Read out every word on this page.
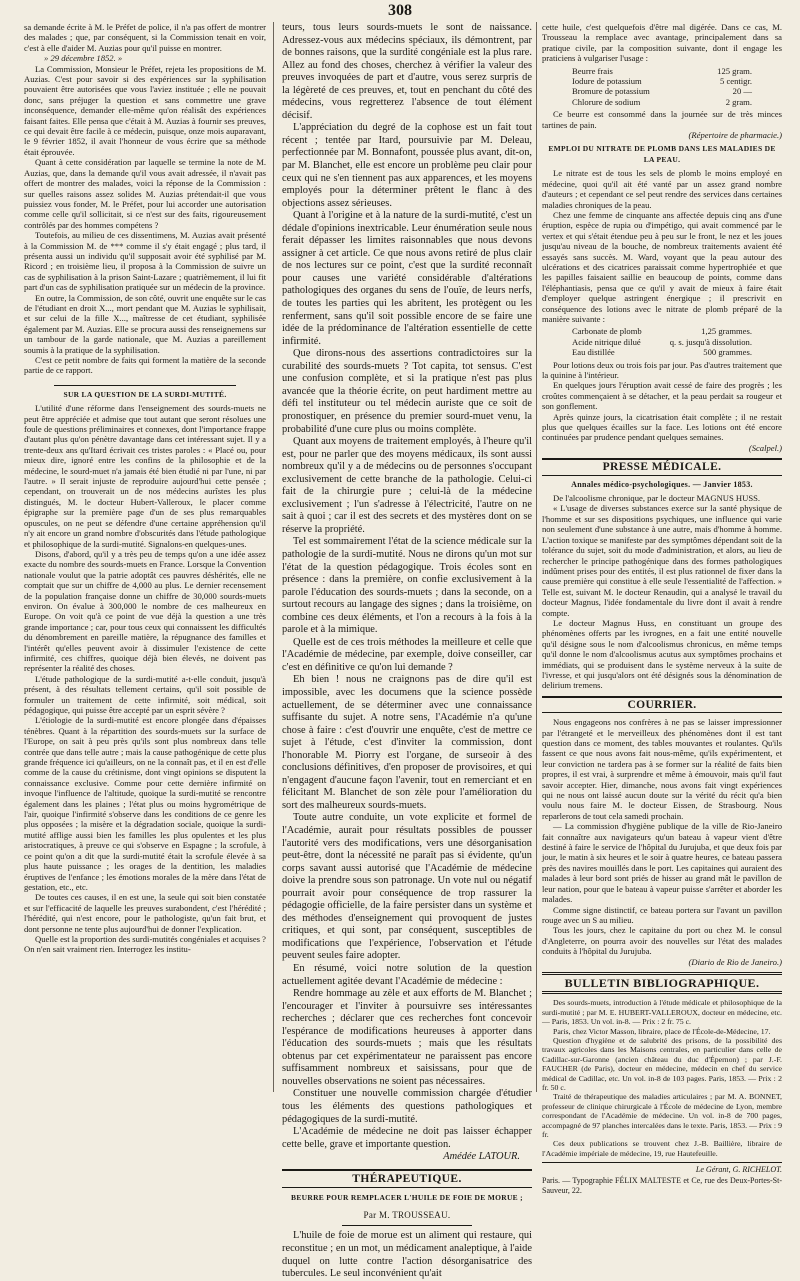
308

sa demande écrite à M. le Préfet de police, il n'a pas offert de montrer des malades ; que, par conséquent, si la Commission tenait en voir, c'est à elle d'aider M. Auzias pour qu'il puisse en montrer.

» 29 décembre 1852. »

La Commission, Monsieur le Préfet, rejeta les propositions de M. Auzias. C'est pour savoir si des expériences sur la syphilisation pouvaient être autorisées que vous l'aviez instituée ; elle ne pouvait donc, sans préjuger la question et sans commettre une grave inconséquence, demander elle-même qu'on réalisât des expériences faisant faites. Elle pensa que c'était à M. Auzias à fournir ses preuves, ce qui devait être facile à ce médecin, puisque, onze mois auparavant, le 9 février 1852, il avait l'honneur de vous écrire que sa méthode était éprouvée.

Quant à cette considération par laquelle se termine la note de M. Auzias, que, dans la demande qu'il vous avait adressée, il n'avait pas offert de montrer des malades, voici la réponse de la Commission : sur quelles raisons assez solides M. Auzias prétendait-il que vous puissiez vous fonder, M. le Préfet, pour lui accorder une autorisation comme celle qu'il sollicitait, si ce n'est sur des faits, rigoureusement contrôlés par des hommes compétens ?

Toutefois, au milieu de ces dissentimens, M. Auzias avait présenté à la Commission M. de *** comme il s'y était engagé ; plus tard, il présenta aussi un individu qu'il supposait avoir été syphilisé par M. Ricord ; en troisième lieu, il proposa à la Commission de suivre un cas de syphilisation à la prison Saint-Lazare ; quatrièmement, il lui fit part d'un cas de syphilisation pratiquée sur un médecin de la province.

En outre, la Commission, de son côté, ouvrit une enquête sur le cas de l'étudiant en droit X..., mort pendant que M. Auzias le syphilisait, et sur celui de la fille X..., maîtresse de cet étudiant, syphilisée également par M. Auzias. Elle se procura aussi des renseignemens sur un tambour de la garde nationale, que M. Auzias a pareillement soumis à la pratique de la syphilisation.

C'est ce petit nombre de faits qui forment la matière de la seconde partie de ce rapport.

SUR LA QUESTION DE LA SURDI-MUTITÉ.

L'utilité d'une réforme dans l'enseignement des sourds-muets ne peut être appréciée et admise que tout autant que seront résolues une foule de questions préliminaires et connexes, dont l'importance frappe d'autant plus qu'on pénètre davantage dans cet intéressant sujet. Il y a trente-deux ans qu'Itard écrivait ces tristes paroles : « Placé ou, pour mieux dire, ignoré entre les confins de la philosophie et de la médecine, le sourd-muet n'a jamais été bien étudié ni par l'une, ni par l'autre. » Il serait injuste de reproduire aujourd'hui cette pensée ; cependant, on trouverait un de nos médecins aurîstes les plus distingués, M. le docteur Hubert-Valleroux, le placer comme épigraphe sur la première page d'un de ses plus remarquables opuscules, on ne peut se défendre d'une certaine appréhension qu'il n'y ait encore un grand nombre d'obscurités dans l'étude pathologique et philosophique de la surdi-mutité. Signalons-en quelques-unes.

Disons, d'abord, qu'il y a très peu de temps qu'on a une idée assez exacte du nombre des sourds-muets en France. Lorsque la Convention nationale voulut que la patrie adoptât ces pauvres déshérités, elle ne comptait que sur un chiffre de 4,000 au plus. Le dernier recensement de la population française donne un chiffre de 30,000 sourds-muets environ. On évalue à 300,000 le nombre de ces malheureux en Europe. On voit qu'à ce point de vue déjà la question a une très grande importance ; car, pour tous ceux qui connaissent les difficultés du dénombrement en pareille matière, la répugnance des familles et l'intérêt qu'elles peuvent avoir à dissimuler l'existence de cette infirmité, ces chiffres, quoique déjà bien élevés, ne doivent pas représenter la réalité des choses.

L'étude pathologique de la surdi-mutité a-t-elle conduit, jusqu'à présent, à des résultats tellement certains, qu'il soit possible de formuler un traitement de cette infirmité, soit médical, soit pédagogique, qui puisse être accepté par un esprit sévère ?

L'étiologie de la surdi-mutité est encore plongée dans d'épaisses ténèbres. Quant à la répartition des sourds-muets sur la surface de l'Europe, on sait à peu près qu'ils sont plus nombreux dans telle contrée que dans telle autre ; mais la cause pathogénique de cette plus grande fréquence ici qu'ailleurs, on ne la connaît pas, et il en est d'elle comme de la cause du crétinisme, dont vingt opinions se disputent la connaissance exclusive. Comme pour cette dernière infirmité on invoque l'influence de l'altitude, quoique la surdi-mutité se rencontre également dans les plaines ; l'état plus ou moins hygrométrique de l'air, quoique l'infirmité s'observe dans les conditions de ce genre les plus opposées ; la misère et la dégradation sociale, quoique la surdi-mutité afflige aussi bien les familles les plus opulentes et les plus aristocratiques, à preuve ce qui s'observe en Espagne ; la scrofule, à ce point qu'on a dit que la surdi-mutité était la scrofule élevée à sa plus haute puissance ; les orages de la dentition, les maladies éruptives de l'enfance ; les émotions morales de la mère dans l'état de gestation, etc., etc.

De toutes ces causes, il en est une, la seule qui soit bien constatée et sur l'efficacité de laquelle les preuves surabondent, c'est l'hérédité ; l'hérédité, qui n'est encore, pour le pathologiste, qu'un fait brut, et dont personne ne tente plus aujourd'hui de donner l'explication.

Quelle est la proportion des surdi-mutités congéniales et acquises ? On n'en sait vraiment rien. Interrogez les institu-

teurs, tous leurs sourds-muets le sont de naissance. Adressez-vous aux médecins spéciaux, ils démontrent, par de bonnes raisons, que la surdité congéniale est la plus rare. Allez au fond des choses, cherchez à vérifier la valeur des preuves invoquées de part et d'autre, vous serez surpris de la légèreté de ces preuves, et, tout en penchant du côté des médecins, vous regretterez l'absence de tout élément décisif.

L'appréciation du degré de la cophose est un fait tout récent ; tentée par Itard, poursuivie par M. Deleau, perfectionnée par M. Bonnafont, poussée plus avant, dit-on, par M. Blanchet, elle est encore un problème peu clair pour ceux qui ne s'en tiennent pas aux apparences, et les moyens employés pour la déterminer prêtent le flanc à des objections assez sérieuses.

Quant à l'origine et à la nature de la surdi-mutité, c'est un dédale d'opinions inextricable. Leur énumération seule nous ferait dépasser les limites raisonnables que nous devons assigner à cet article. Ce que nous avons retiré de plus clair de nos lectures sur ce point, c'est que la surdité reconnaît pour causes une variété considérable d'altérations pathologiques des organes du sens de l'ouïe, de leurs nerfs, de toutes les parties qui les abritent, les protègent ou les renferment, sans qu'il soit possible encore de se faire une idée de la prédominance de l'altération essentielle de cette infirmité.

Que dirons-nous des assertions contradictoires sur la curabilité des sourds-muets ? Tot capita, tot sensus. C'est une confusion complète, et si la pratique n'est pas plus avancée que la théorie écrite, on peut hardiment mettre au défi tel instituteur ou tel médecin auriste que ce soit de pronostiquer, en présence du premier sourd-muet venu, la probabilité d'une cure plus ou moins complète.

Quant aux moyens de traitement employés, à l'heure qu'il est, pour ne parler que des moyens médicaux, ils sont aussi nombreux qu'il y a de médecins ou de personnes s'occupant exclusivement de cette branche de la pathologie. Celui-ci fait de la chirurgie pure ; celui-là de la médecine exclusivement ; l'un s'adresse à l'électricité, l'autre on ne sait à quoi ; car il est des secrets et des mystères dont on se réserve la propriété.

Tel est sommairement l'état de la science médicale sur la pathologie de la surdi-mutité. Nous ne dirons qu'un mot sur l'état de la question pédagogique. Trois écoles sont en présence : dans la première, on confie exclusivement à la parole l'éducation des sourds-muets ; dans la seconde, on a surtout recours au langage des signes ; dans la troisième, on combine ces deux éléments, et l'on a recours à la fois à la parole et à la mimique.

Quelle est de ces trois méthodes la meilleure et celle que l'Académie de médecine, par exemple, doive conseiller, car c'est en définitive ce qu'on lui demande ?

Eh bien ! nous ne craignons pas de dire qu'il est impossible, avec les documens que la science possède actuellement, de se déterminer avec une connaissance suffisante du sujet. A notre sens, l'Académie n'a qu'une chose à faire : c'est d'ouvrir une enquête, c'est de mettre ce sujet à l'étude, c'est d'inviter la commission, dont l'honorable M. Piorry est l'organe, de surseoir à des conclusions définitives, d'en proposer de provisoires, et qui n'engagent d'aucune façon l'avenir, tout en remerciant et en félicitant M. Blanchet de son zèle pour l'amélioration du sort des malheureux sourds-muets.

Toute autre conduite, un vote explicite et formel de l'Académie, aurait pour résultats possibles de pousser l'autorité vers des modifications, vers une désorganisation peut-être, dont la nécessité ne paraît pas si évidente, qu'un corps savant aussi autorisé que l'Académie de médecine doive la prendre sous son patronage. Un vote nul ou négatif pourrait avoir pour conséquence de trop rassurer la pédagogie officielle, de la faire persister dans un système et des méthodes d'enseignement qui provoquent de justes critiques, et qui sont, par conséquent, susceptibles de modifications que l'expérience, l'observation et l'étude peuvent seules faire adopter.

En résumé, voici notre solution de la question actuellement agitée devant l'Académie de médecine :

Rendre hommage au zèle et aux efforts de M. Blanchet ; l'encourager et l'inviter à poursuivre ses intéressantes recherches ; déclarer que ces recherches font concevoir l'espérance de modifications heureuses à apporter dans l'éducation des sourds-muets ; mais que les résultats obtenus par cet expérimentateur ne paraissent pas encore suffisamment nombreux et saisissans, pour que de nouvelles observations ne soient pas nécessaires.

Constituer une nouvelle commission chargée d'étudier tous les éléments des questions pathologiques et pédagogiques de la surdi-mutité.

L'Académie de médecine ne doit pas laisser échapper cette belle, grave et importante question.

Amédée LATOUR.
THÉRAPEUTIQUE.
BEURRE POUR REMPLACER L'HUILE DE FOIE DE MORUE ;
Par M. TROUSSEAU.

L'huile de foie de morue est un aliment qui restaure, qui reconstitue ; en un mot, un médicament analeptique, à l'aide duquel on lutte contre l'action désorganisatrice des tubercules. Le seul inconvénient qu'ait

cette huile, c'est quelquefois d'être mal digérée. Dans ce cas, M. Trousseau la remplace avec avantage, principalement dans sa pratique civile, par la composition suivante, dont il engage les praticiens à vulgariser l'usage :

Beurre frais	125 gram.
Iodure de potassium	5 centigr.
Bromure de potassium	20 —
Chlorure de sodium	2 gram.

Ce beurre est consommé dans la journée sur de très minces tartines de pain.

(Répertoire de pharmacie.)
EMPLOI DU NITRATE DE PLOMB DANS LES MALADIES DE LA PEAU.

Le nitrate est de tous les sels de plomb le moins employé en médecine, quoi qu'il ait été vanté par un assez grand nombre d'auteurs ; et cependant ce sel peut rendre des services dans certaines maladies chroniques de la peau.

Chez une femme de cinquante ans affectée depuis cinq ans d'une éruption, espèce de rupia ou d'impétigo, qui avait commencé par le vertex et qui s'était étendue peu à peu sur le front, le nez et les joues jusqu'au niveau de la bouche, de nombreux traitements avaient été essayés sans succès. M. Ward, voyant que la peau autour des ulcérations et des cicatrices paraissait comme hypertrophiée et que les papilles faisaient saillie en beaucoup de points, comme dans l'éléphantiasis, pensa que ce qu'il y avait de mieux à faire était d'employer quelque astringent énergique ; il prescrivit en conséquence des lotions avec le nitrate de plomb préparé de la manière suivante :

Carbonate de plomb	1,25 grammes.
Acide nitrique dilué	q. s. jusqu'à dissolution.
Eau distillée	500 grammes.

Pour lotions deux ou trois fois par jour. Pas d'autres traitement que la quinine à l'intérieur.

En quelques jours l'éruption avait cessé de faire des progrès ; les croûtes commençaient à se détacher, et la peau perdait sa rougeur et son gonflement.

Après quinze jours, la cicatrisation était complète ; il ne restait plus que quelques écailles sur la face. Les lotions ont été encore continuées par prudence pendant quelques semaines.

(Scalpel.)
PRESSE MÉDICALE.
Annales médico-psychologiques. — Janvier 1853.

De l'alcoolisme chronique, par le docteur MAGNUS HUSS.

« L'usage de diverses substances exerce sur la santé physique de l'homme et sur ses dispositions psychiques, une influence qui varie non seulement d'une substance à une autre, mais d'homme à homme. L'action toxique se manifeste par des symptômes dépendant soit de la tolérance du sujet, soit du mode d'administration, et alors, au lieu de rechercher le principe pathogénique dans des formes pathologiques indûment prises pour des entités, il est plus rationnel de fixer dans la cause première qui constitue à elle seule l'essentialité de l'affection. » Telle est, suivant M. le docteur Renaudin, qui a analysé le travail du docteur Magnus, l'idée fondamentale du livre dont il avait à rendre compte.

Le docteur Magnus Huss, en constituant un groupe des phénomènes offerts par les ivrognes, en a fait une entité nouvelle qu'il désigne sous le nom d'alcoolismus chronicus, en même temps qu'il donne le nom d'alcoolismus acutus aux symptômes prochains et immédiats, qui se produisent dans le système nerveux à la suite de l'ivresse, et qui jusqu'alors ont été désignés sous la dénomination de delirium tremens.

COURRIER.

Nous engageons nos confrères à ne pas se laisser impressionner par l'étrangeté et le merveilleux des phénomènes dont il est tant question dans ce moment, des tables mouvantes et roulantes. Qu'ils fassent ce que nous avons fait nous-même, qu'ils expérimentent, et leur conviction ne tardera pas à se former sur la réalité de faits bien propres, il est vrai, à surprendre et même à émouvoir, mais qu'il faut savoir accepter. Hier, dimanche, nous avons fait vingt expériences qui ne nous ont laissé aucun doute sur la vérité du récit qu'a bien voulu nous faire M. le docteur Eissen, de Strasbourg. Nous reparlerons de tout cela samedi prochain.

— La commission d'hygiène publique de la ville de Rio-Janeiro fait connaître aux navigateurs qu'un bateau à vapeur vient d'être destiné à faire le service de l'hôpital du Jurujuba, et que deux fois par jour, le matin à six heures et le soir à quatre heures, ce bateau passera près des navires mouillés dans le port. Les capitaines qui auraient des malades à leur bord sont priés de hisser au grand mât le pavillon de leur nation, pour que le bateau à vapeur puisse s'arrêter et aborder les malades.

Comme signe distinctif, ce bateau portera sur l'avant un pavillon rouge avec un S au milieu.

Tous les jours, chez le capitaine du port ou chez M. le consul d'Angleterre, on pourra avoir des nouvelles sur l'état des malades conduits à l'hôpital du Jurujuba.

(Diario de Rio de Janeiro.)
BULLETIN BIBLIOGRAPHIQUE.

Des sourds-muets, introduction à l'étude médicale et philosophique de la surdi-mutité ; par M. E. HUBERT-VALLEROUX, docteur en médecine, etc. — Paris, 1853. Un vol. in-8. — Prix : 2 fr. 75 c.

Paris, chez Victor Masson, libraire, place de l'École-de-Médecine, 17.

Question d'hygiène et de salubrité des prisons, de la possibilité des travaux agricoles dans les Maisons centrales, en particulier dans celle de Cadillac-sur-Garonne (ancien château du duc d'Épernon) ; par J.-F. FAUCHER (de Paris), docteur en médecine, médecin en chef du service médical de Cadillac, etc. Un vol. in-8 de 103 pages. Paris, 1853. — Prix : 2 fr. 50 c.

Traité de thérapeutique des maladies articulaires ; par M. A. BONNET, professeur de clinique chirurgicale à l'École de médecine de Lyon, membre correspondant de l'Académie de médecine. Un vol. in-8 de 700 pages, accompagné de 97 planches intercalées dans le texte. Paris, 1853. — Prix : 9 fr.

Ces deux publications se trouvent chez J.-B. Baillière, libraire de l'Académie impériale de médecine, 19, rue Hautefeuille.

Le Gérant, G. RICHELOT.
Paris. — Typographie FÉLIX MALTESTE et Ce, rue des Deux-Portes-St-Sauveur, 22.
